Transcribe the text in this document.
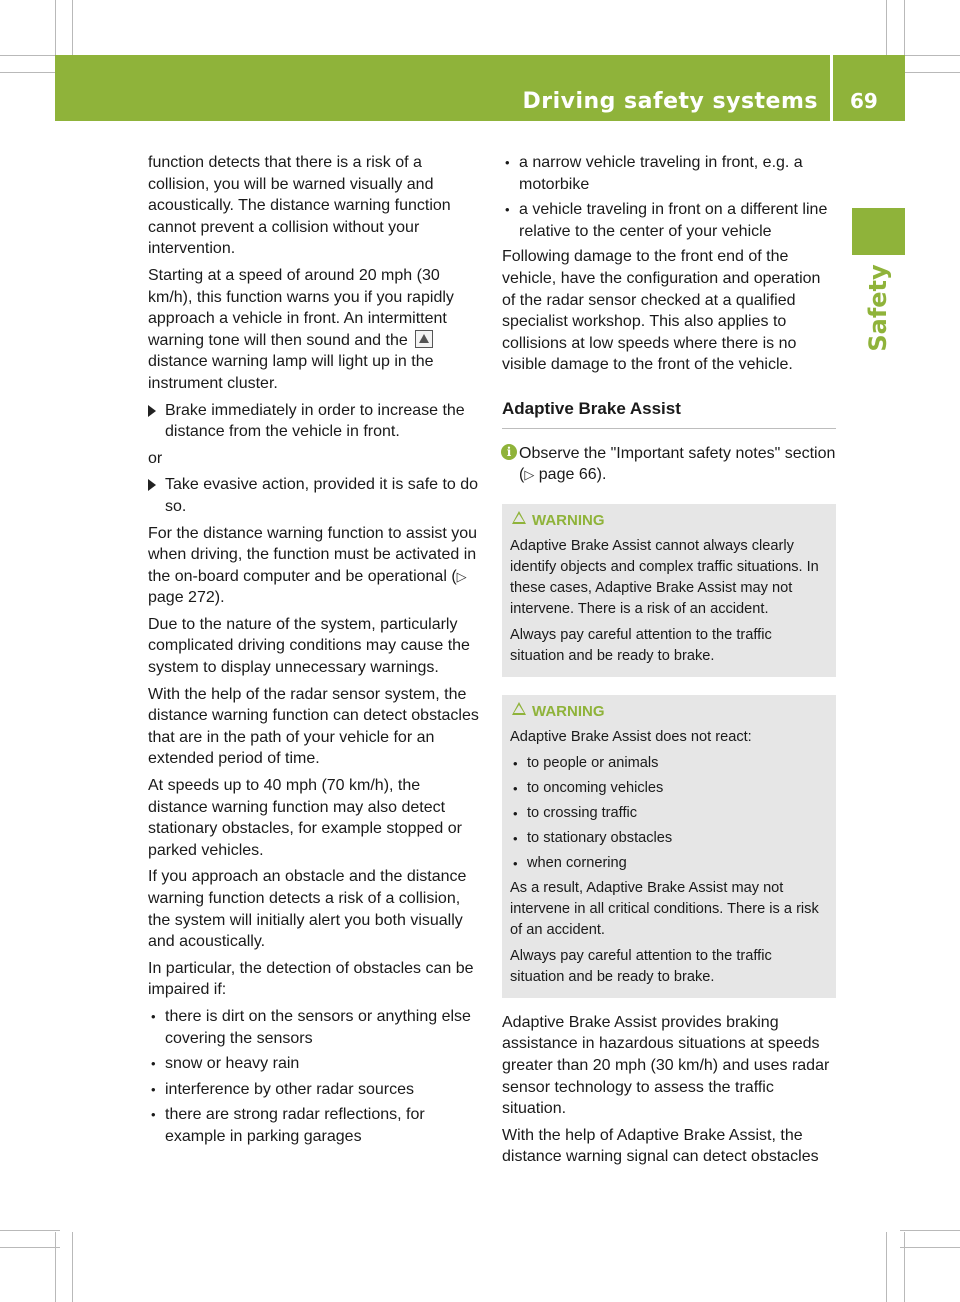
Driving safety systems 69
Safety

function detects that there is a risk of a collision, you will be warned visually and acoustically. The distance warning function cannot prevent a collision without your intervention.

Starting at a speed of around 20 mph (30 km/h), this function warns you if you rapidly approach a vehicle in front. An intermittent warning tone will then sound and the  distance warning lamp will light up in the instrument cluster.

Brake immediately in order to increase the distance from the vehicle in front.

or

Take evasive action, provided it is safe to do so.

For the distance warning function to assist you when driving, the function must be activated in the on-board computer and be operational (▷ page 272).

Due to the nature of the system, particularly complicated driving conditions may cause the system to display unnecessary warnings.

With the help of the radar sensor system, the distance warning function can detect obstacles that are in the path of your vehicle for an extended period of time.

At speeds up to 40 mph (70 km/h), the distance warning function may also detect stationary obstacles, for example stopped or parked vehicles.

If you approach an obstacle and the distance warning function detects a risk of a collision, the system will initially alert you both visually and acoustically.

In particular, the detection of obstacles can be impaired if:

• there is dirt on the sensors or anything else covering the sensors
• snow or heavy rain
• interference by other radar sources
• there are strong radar reflections, for example in parking garages
• a narrow vehicle traveling in front, e.g. a motorbike
• a vehicle traveling in front on a different line relative to the center of your vehicle

Following damage to the front end of the vehicle, have the configuration and operation of the radar sensor checked at a qualified specialist workshop. This also applies to collisions at low speeds where there is no visible damage to the front of the vehicle.

Adaptive Brake Assist
i Observe the "Important safety notes" section (▷ page 66).
WARNING

Adaptive Brake Assist cannot always clearly identify objects and complex traffic situations. In these cases, Adaptive Brake Assist may not intervene. There is a risk of an accident.

Always pay careful attention to the traffic situation and be ready to brake.

WARNING

Adaptive Brake Assist does not react:

• to people or animals
• to oncoming vehicles
• to crossing traffic
• to stationary obstacles
• when cornering

As a result, Adaptive Brake Assist may not intervene in all critical conditions. There is a risk of an accident.

Always pay careful attention to the traffic situation and be ready to brake.

Adaptive Brake Assist provides braking assistance in hazardous situations at speeds greater than 20 mph (30 km/h) and uses radar sensor technology to assess the traffic situation.

With the help of Adaptive Brake Assist, the distance warning signal can detect obstacles
